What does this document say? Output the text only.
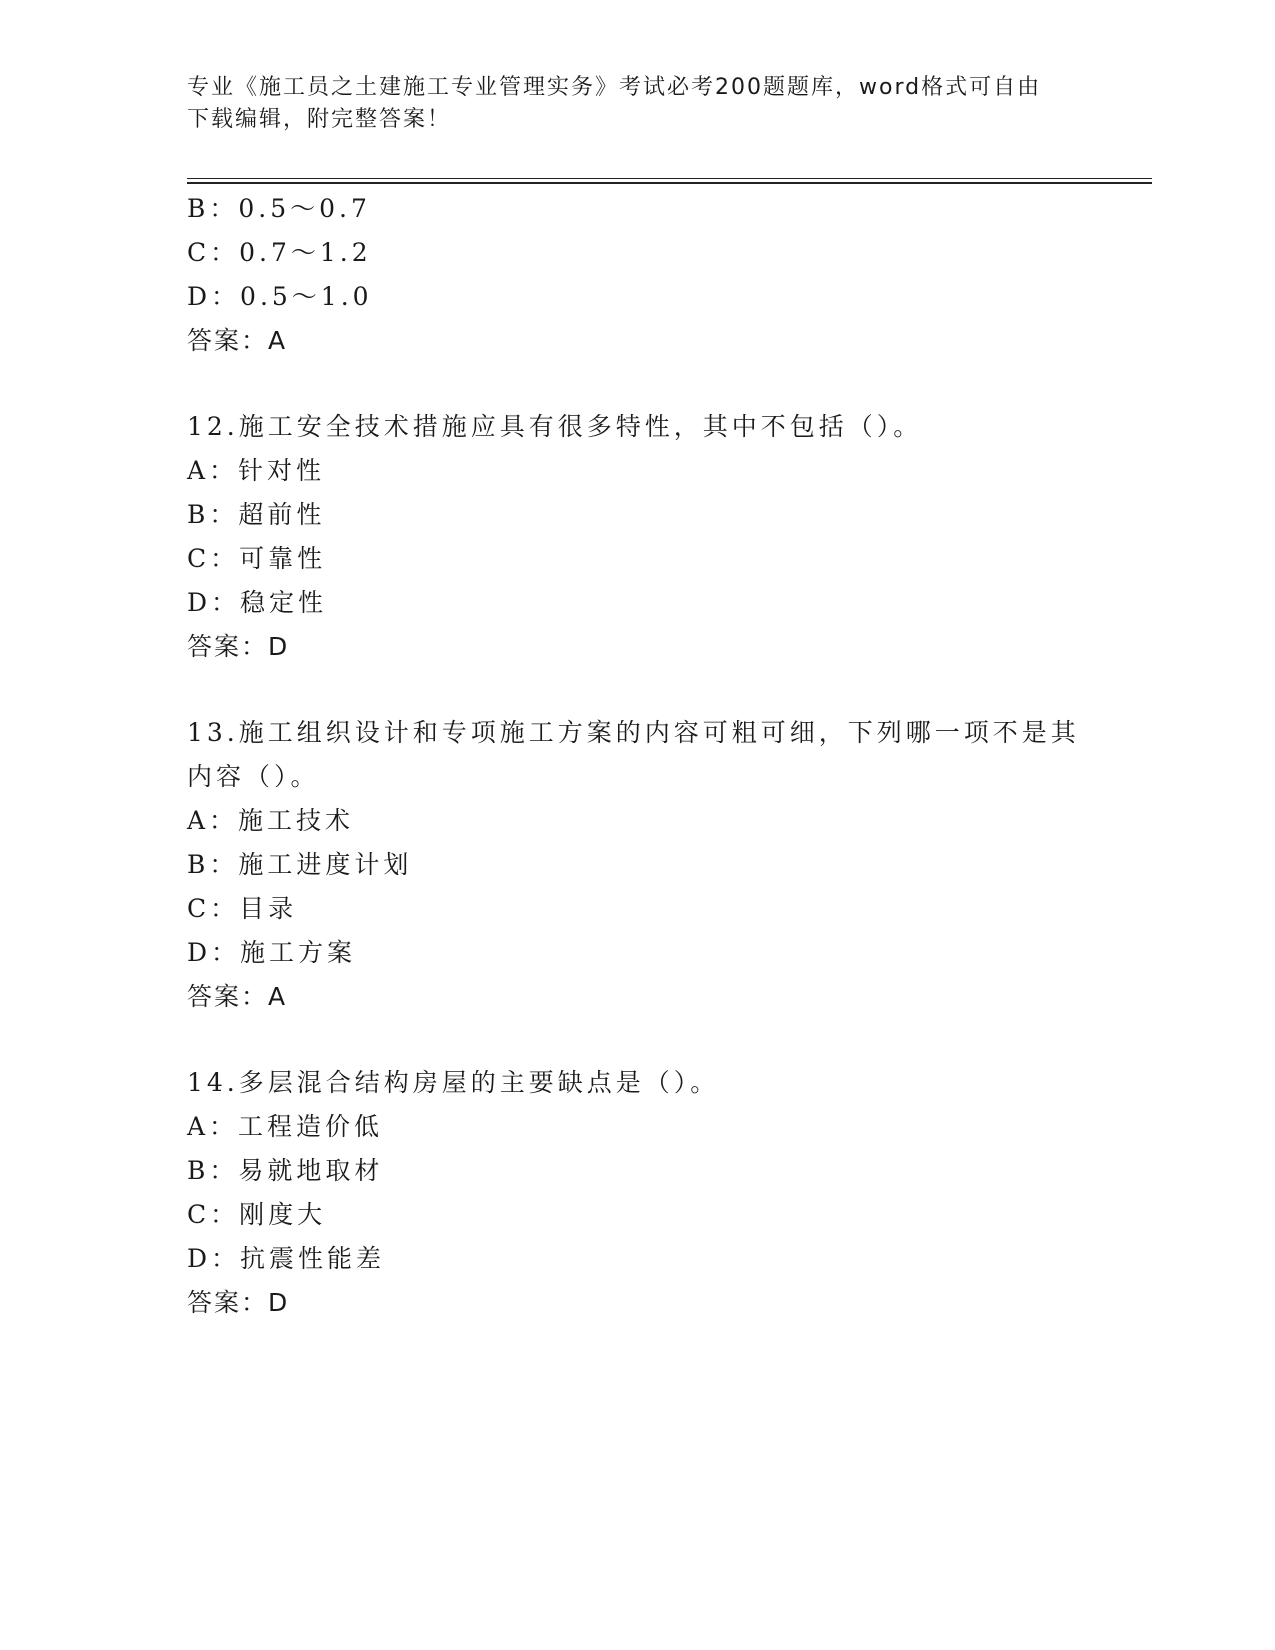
专业《施工员之土建施工专业管理实务》考试必考200题题库，word格式可自由
下载编辑，附完整答案！
B：0.5～0.7
C：0.7～1.2
D：0.5～1.0
答案：A
12.施工安全技术措施应具有很多特性，其中不包括（）。
A：针对性
B：超前性
C：可靠性
D：稳定性
答案：D
13.施工组织设计和专项施工方案的内容可粗可细，下列哪一项不是其
内容（）。
A：施工技术
B：施工进度计划
C：目录
D：施工方案
答案：A
14.多层混合结构房屋的主要缺点是（）。
A：工程造价低
B：易就地取材
C：刚度大
D：抗震性能差
答案：D
